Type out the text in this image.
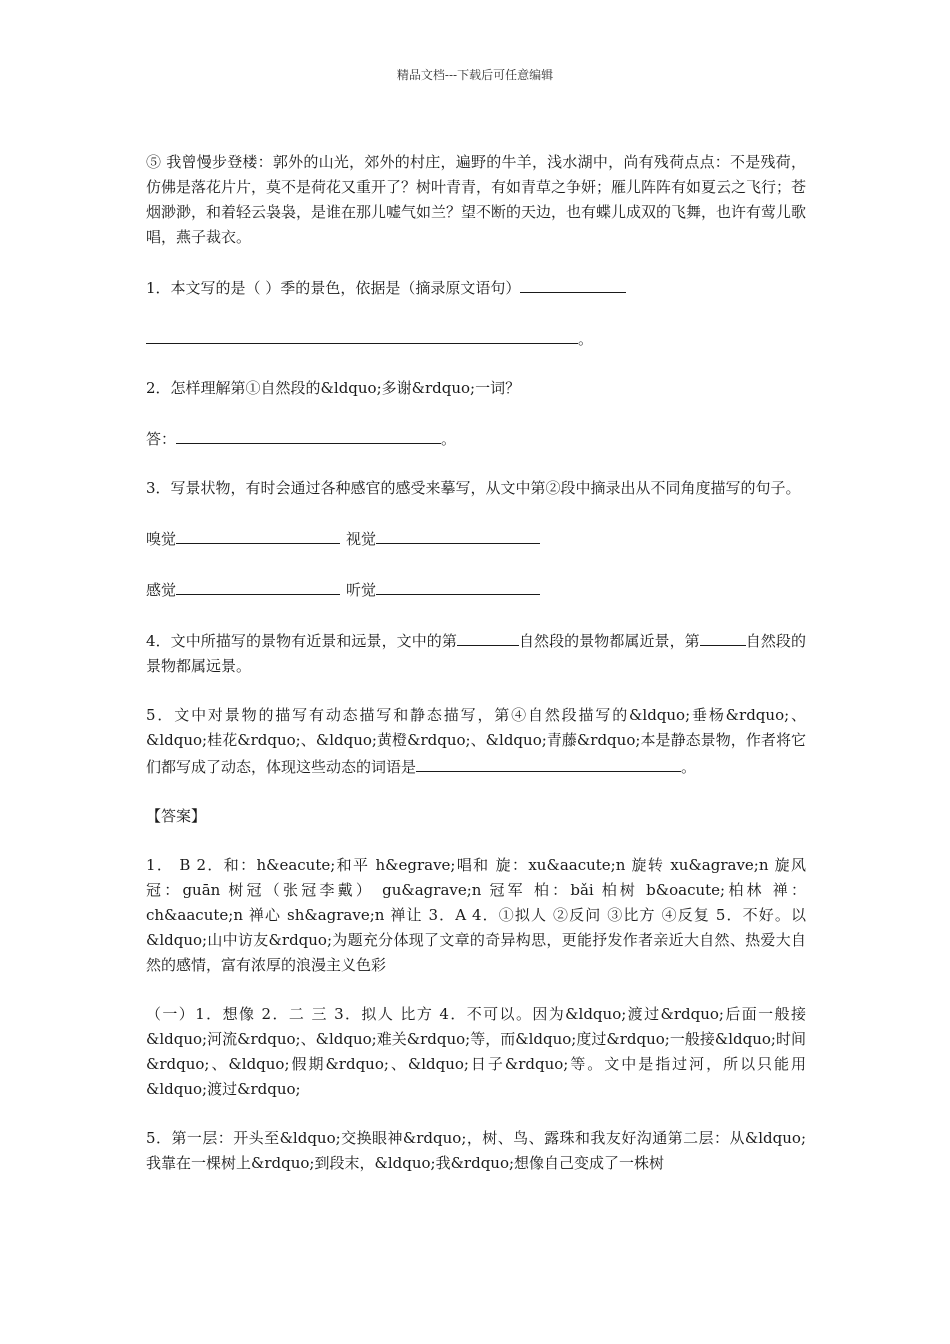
精品文档---下载后可任意编辑

⑤ 我曾慢步登楼：郭外的山光，郊外的村庄，遍野的牛羊，浅水湖中，尚有残荷点点：不是残荷，仿佛是落花片片，莫不是荷花又重开了？树叶青青，有如青草之争妍；雁儿阵阵有如夏云之飞行；苍烟渺渺，和着轻云袅袅，是谁在那儿嘘气如兰？望不断的天边，也有蝶儿成双的飞舞，也许有莺儿歌唱，燕子裁衣。

1．本文写的是（ ）季的景色，依据是（摘录原文语句）

。

2．怎样理解第①自然段的&ldquo;多谢&rdquo;一词？

答：	。

3．写景状物，有时会通过各种感官的感受来摹写，从文中第②段中摘录出从不同角度描写的句子。

嗅觉	视觉

感觉	听觉

4．文中所描写的景物有近景和远景，文中的第	自然段的景物都属近景，第	自然段的景物都属远景。

5．文中对景物的描写有动态描写和静态描写，第④自然段描写的&ldquo;垂杨&rdquo;、&ldquo;桂花&rdquo;、&ldquo;黄橙&rdquo;、&ldquo;青藤&rdquo;本是静态景物，作者将它们都写成了动态，体现这些动态的词语是	。

【答案】

1． B 2．和：h&eacute;和平 h&egrave;唱和 旋：xu&aacute;n 旋转 xu&agrave;n 旋风 冠：guān 树冠（张冠李戴） gu&agrave;n 冠军 柏：bǎi 柏树 b&oacute;柏林 禅：ch&aacute;n 禅心 sh&agrave;n 禅让 3．A 4．①拟人 ②反问 ③比方 ④反复 5．不好。以&ldquo;山中访友&rdquo;为题充分体现了文章的奇异构思，更能抒发作者亲近大自然、热爱大自然的感情，富有浓厚的浪漫主义色彩

（一）1．想像 2．二 三 3．拟人 比方 4．不可以。因为&ldquo;渡过&rdquo;后面一般接&ldquo;河流&rdquo;、&ldquo;难关&rdquo;等，而&ldquo;度过&rdquo;一般接&ldquo;时间&rdquo;、&ldquo;假期&rdquo;、&ldquo;日子&rdquo;等。文中是指过河，所以只能用&ldquo;渡过&rdquo;

5．第一层：开头至&ldquo;交换眼神&rdquo;，树、鸟、露珠和我友好沟通第二层：从&ldquo;我靠在一棵树上&rdquo;到段末，&ldquo;我&rdquo;想像自己变成了一株树
